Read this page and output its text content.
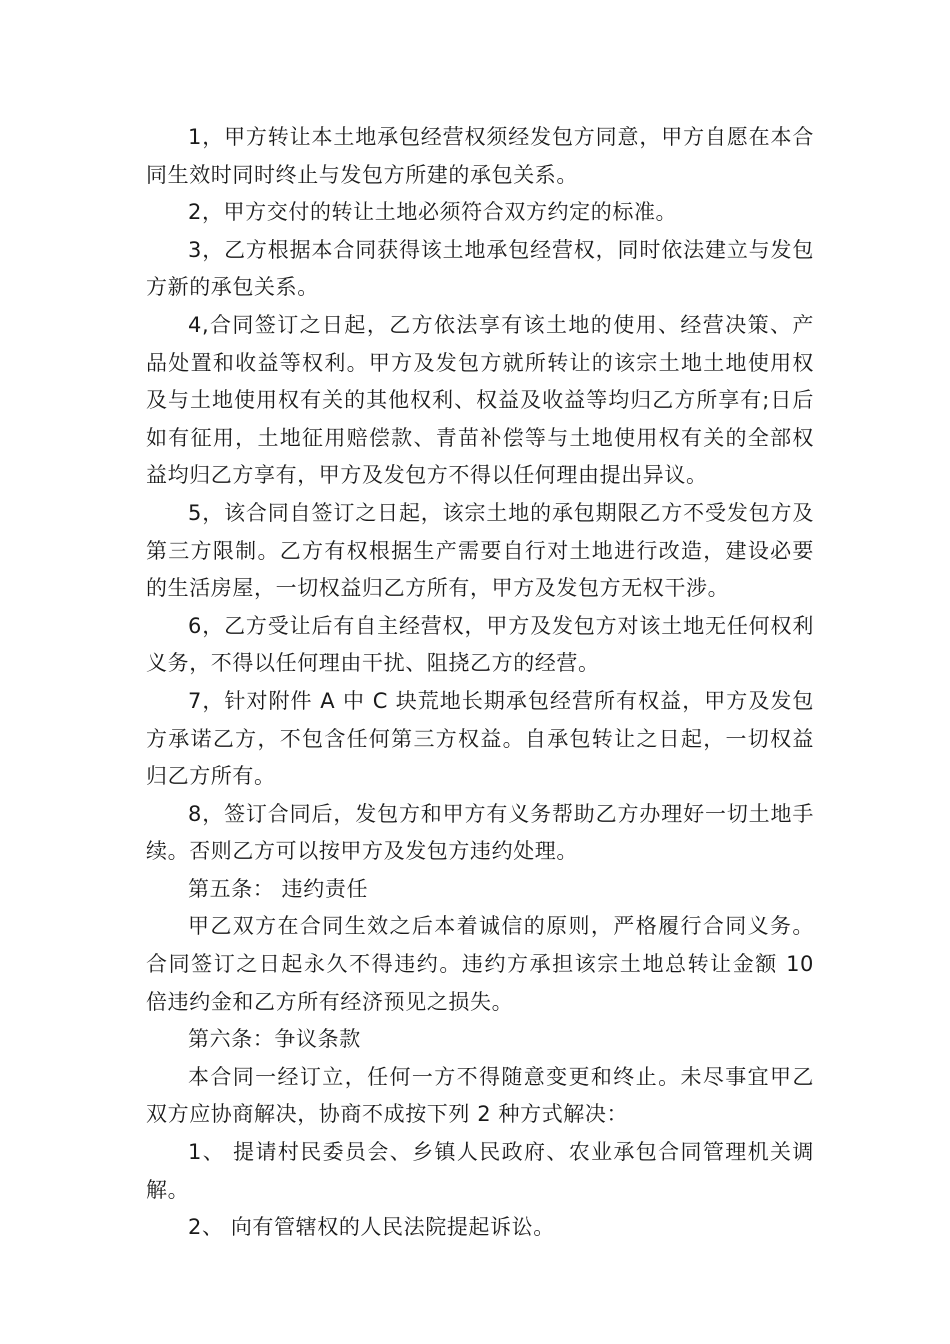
1，甲方转让本土地承包经营权须经发包方同意，甲方自愿在本合同生效时同时终止与发包方所建的承包关系。

2，甲方交付的转让土地必须符合双方约定的标准。

3，乙方根据本合同获得该土地承包经营权，同时依法建立与发包方新的承包关系。

4,合同签订之日起，乙方依法享有该土地的使用、经营决策、产品处置和收益等权利。甲方及发包方就所转让的该宗土地土地使用权及与土地使用权有关的其他权利、权益及收益等均归乙方所享有;日后如有征用，土地征用赔偿款、青苗补偿等与土地使用权有关的全部权益均归乙方享有，甲方及发包方不得以任何理由提出异议。

5，该合同自签订之日起，该宗土地的承包期限乙方不受发包方及第三方限制。乙方有权根据生产需要自行对土地进行改造，建设必要的生活房屋，一切权益归乙方所有，甲方及发包方无权干涉。

6，乙方受让后有自主经营权，甲方及发包方对该土地无任何权利义务，不得以任何理由干扰、阻挠乙方的经营。

7，针对附件 A 中 C 块荒地长期承包经营所有权益，甲方及发包方承诺乙方，不包含任何第三方权益。自承包转让之日起，一切权益归乙方所有。

8，签订合同后，发包方和甲方有义务帮助乙方办理好一切土地手续。否则乙方可以按甲方及发包方违约处理。

第五条： 违约责任

甲乙双方在合同生效之后本着诚信的原则，严格履行合同义务。合同签订之日起永久不得违约。违约方承担该宗土地总转让金额 10 倍违约金和乙方所有经济预见之损失。

第六条：争议条款

本合同一经订立，任何一方不得随意变更和终止。未尽事宜甲乙双方应协商解决，协商不成按下列 2 种方式解决：

1、 提请村民委员会、乡镇人民政府、农业承包合同管理机关调解。

2、 向有管辖权的人民法院提起诉讼。
